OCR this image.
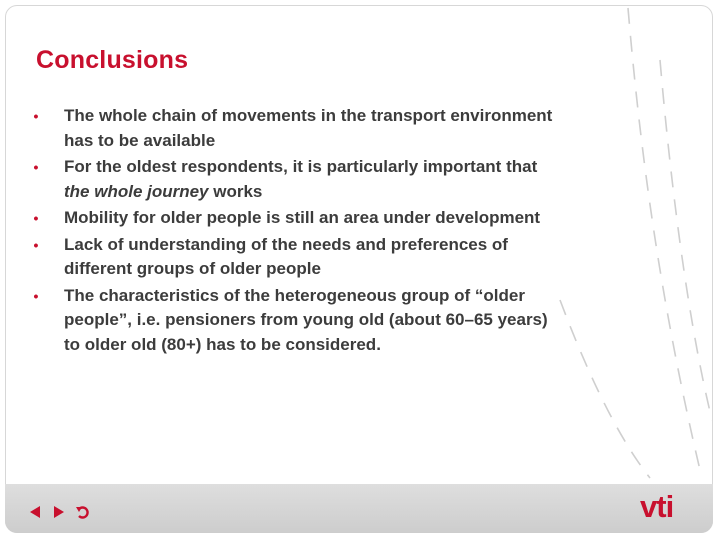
Conclusions
•	The whole chain of movements in the transport environment has to be available
•	For the oldest respondents, it is particularly important that the whole journey works
•	Mobility for older people is still an area under development
•	Lack of understanding of the needs and preferences of different groups of older people
•	The characteristics of the heterogeneous group of “older people”, i.e. pensioners from young old (about 60–65 years) to older old (80+) has to be considered.
vti
